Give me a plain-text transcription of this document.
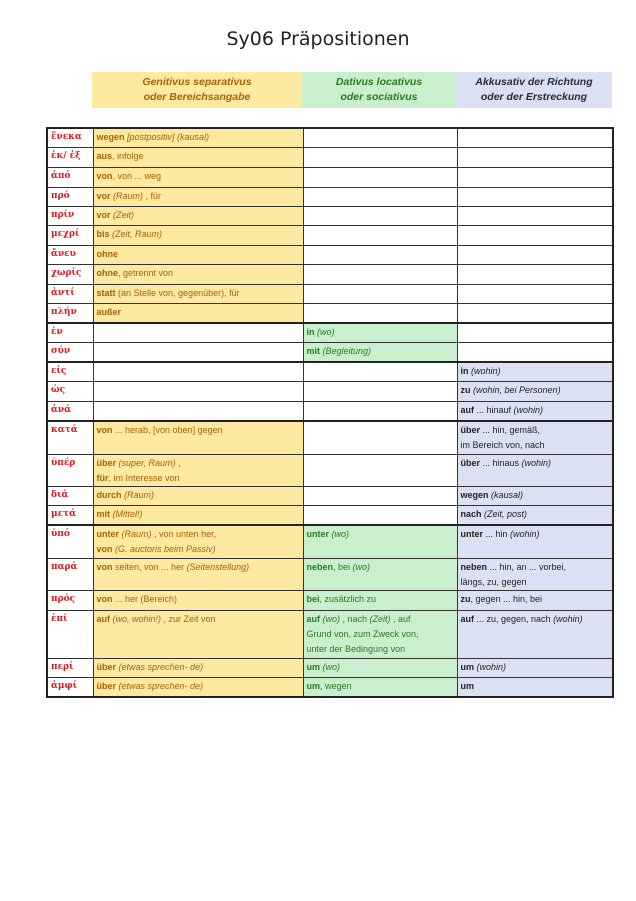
Sy06 Präpositionen
Genitivus separativus
oder Bereichsangabe
Dativus locativus
oder sociativus
Akkusativ der Richtung
oder der Erstreckung
ἕνεκα	wegen [postpositiv] (kausal)		
ἐκ/ ἐξ	aus, infolge		
ἀπό	von, von ... weg		
πρό	vor (Raum) , für		
πρίν	vor (Zeit)		
μεχρί	bis (Zeit, Raum)		
ἄνευ	ohne		
χωρίς	ohne, getrennt von		
ἀντί	statt (an Stelle von, gegenüber), für		
πλήν	außer		
ἐν		in (wo)	
σύν		mit (Begleitung)	
εἰς			in (wohin)
ὡς			zu (wohin, bei Personen)
ἀνά			auf ... hinauf (wohin)
κατά	von ... herab, [von oben] gegen		über ... hin, gemäß,
im Bereich von, nach
ὑπέρ	über (super, Raum) ,
für, im Interesse von		über ... hinaus (wohin)
διά	durch (Raum)		wegen (kausal)
μετά	mit (Mittel!)		nach (Zeit, post)
ὑπό	unter (Raum) , von unten her,
von (G. auctoris beim Passiv)	unter (wo)	unter ... hin (wohin)
παρά	von seiten, von ... her (Seitenstellung)	neben, bei (wo)	neben ... hin, an ... vorbei,
längs, zu, gegen
πρός	von ... her (Bereich)	bei, zusätzlich zu	zu, gegen ... hin, bei
ἐπί	auf (wo, wohin!) , zur Zeit von	auf (wo) , nach (Zeit) , auf
Grund von, zum Zweck von,
unter der Bedingung von	auf ... zu, gegen, nach (wohin)
περί	über (etwas sprechen- de)	um (wo)	um (wohin)
ἀμφί	über (etwas sprechen- de)	um, wegen	um
